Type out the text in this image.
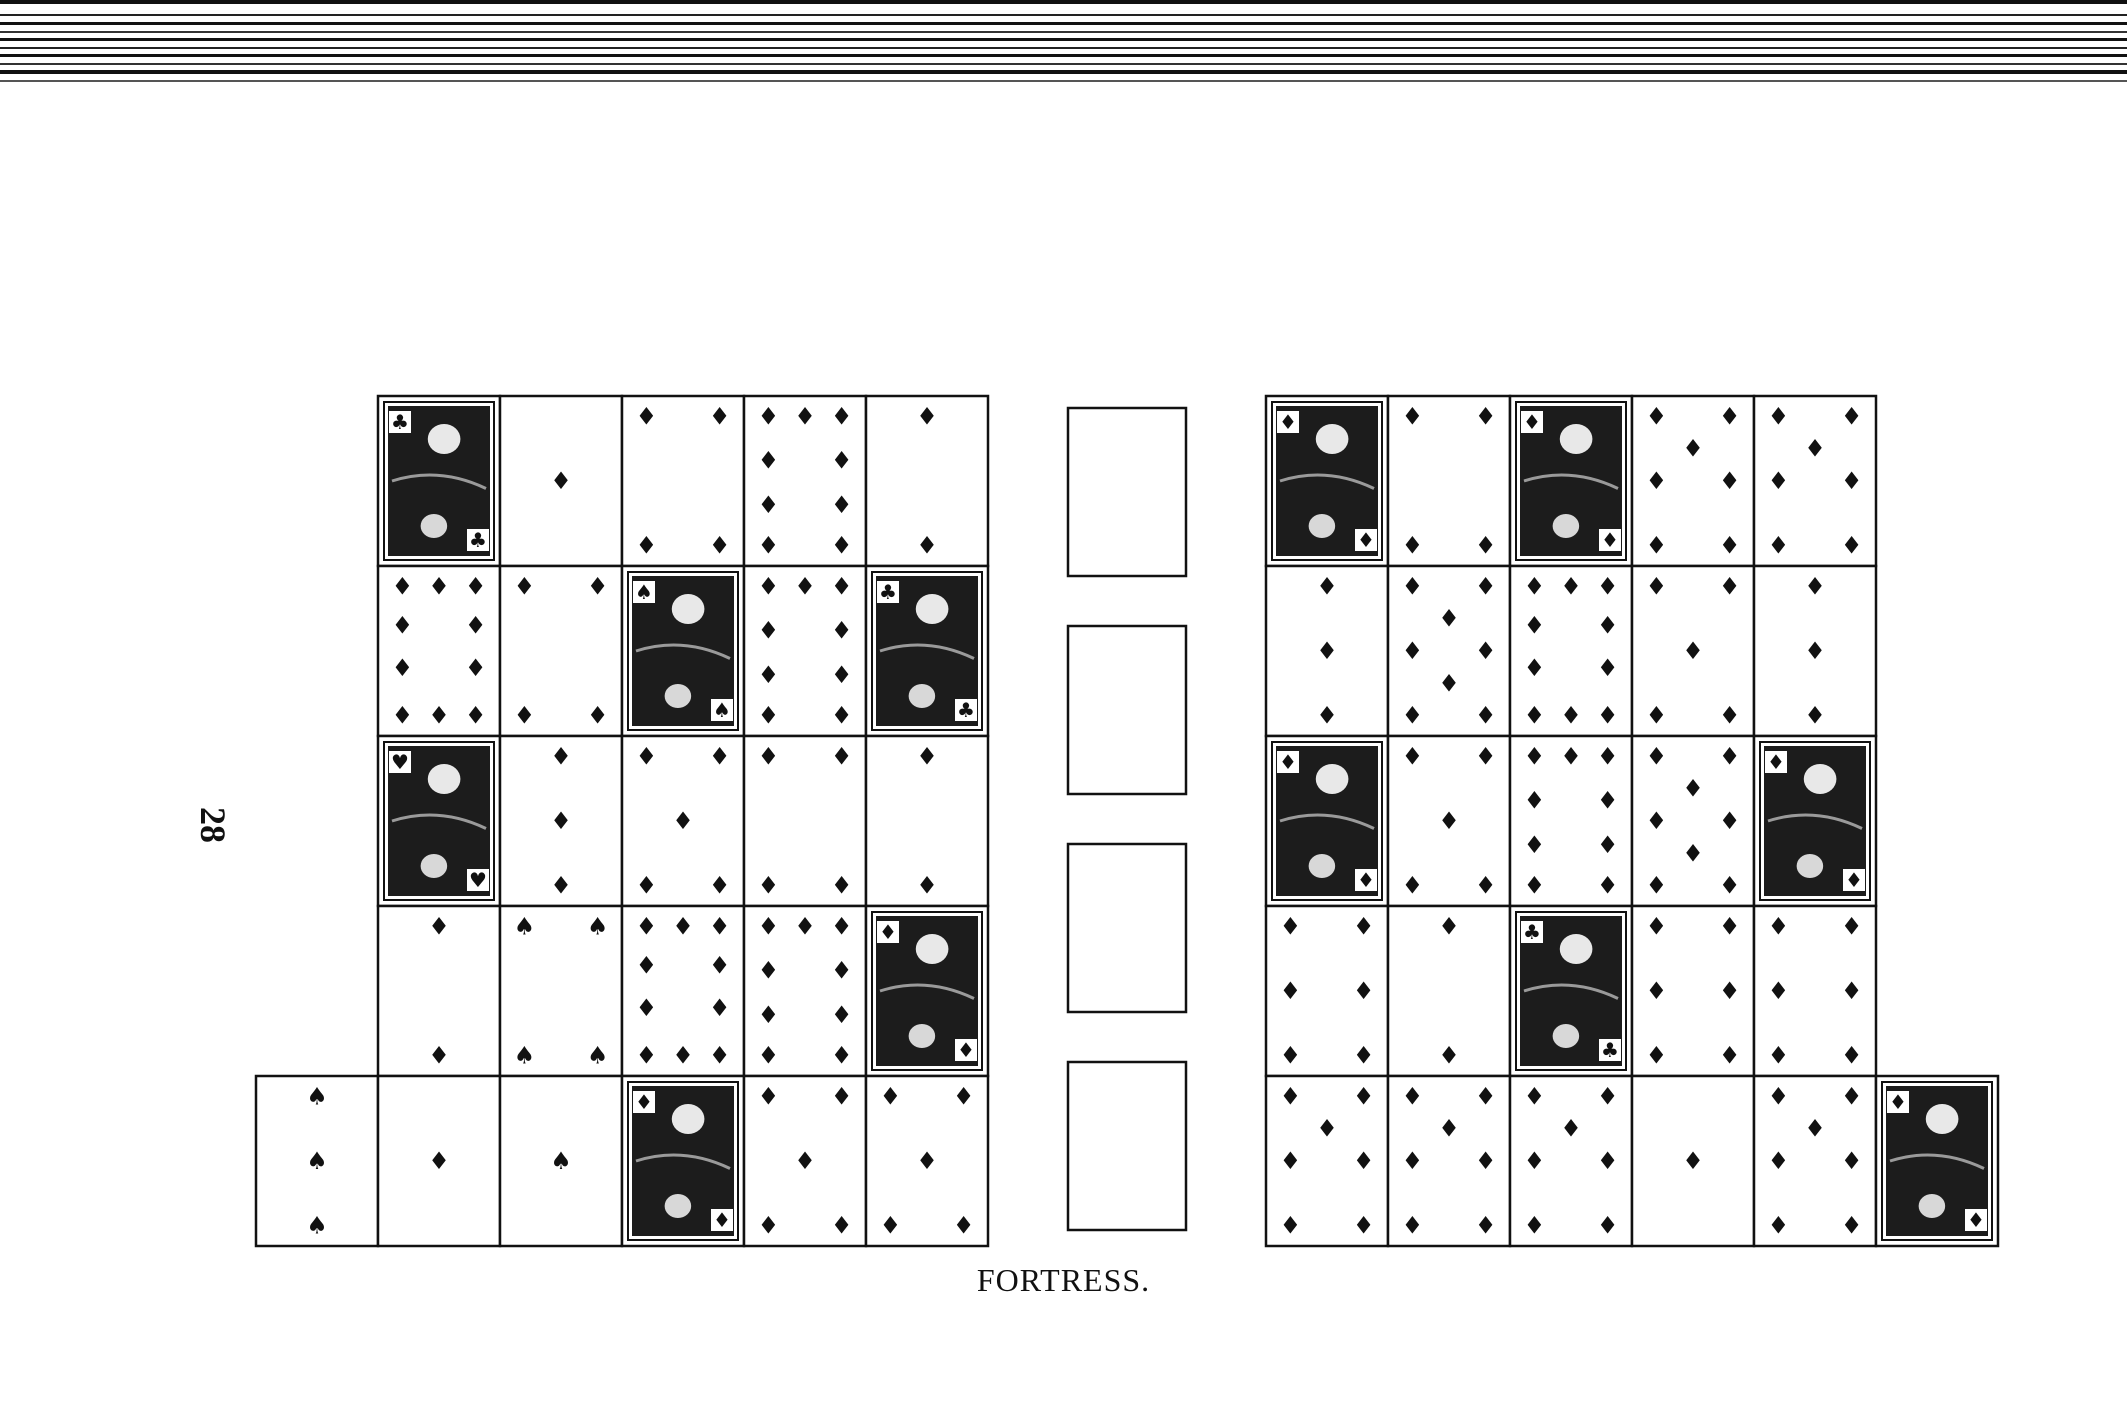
28
♣
♣
♦
♦ ♦
♦ ♦
♦ ♦ ♦
♦ ♦
♦ ♦
♦ ♦
♦
♦
♦ ♦ ♦
♦ ♦
♦ ♦
♦ ♦ ♦
♦ ♦
♦ ♦
♠
♠
♦ ♦ ♦
♦ ♦
♦ ♦
♦ ♦
♣
♣
♥
♥
♦
♦
♦
♦ ♦
♦
♦ ♦
♦ ♦
♦ ♦
♦
♦
♦
♦
♠ ♠
♠ ♠
♦ ♦ ♦
♦ ♦
♦ ♦
♦ ♦ ♦
♦ ♦ ♦
♦ ♦
♦ ♦
♦ ♦
♦
♦
♠
♠
♠
♦	♠
♦
♦
♦ ♦
♦
♦ ♦
♦ ♦
♦
♦ ♦
♦
♦
♦ ♦
♦ ♦
♦
♦
♦ ♦
♦
♦ ♦
♦ ♦
♦ ♦
♦
♦ ♦
♦ ♦
♦
♦
♦
♦ ♦
♦
♦ ♦
♦
♦ ♦
♦ ♦ ♦
♦ ♦
♦ ♦
♦ ♦ ♦
♦ ♦
♦
♦ ♦
♦
♦
♦
♦
♦
♦ ♦
♦
♦ ♦
♦ ♦ ♦
♦ ♦
♦ ♦
♦ ♦
♦ ♦
♦
♦ ♦
♦
♦ ♦
♦
♦
♦ ♦
♦ ♦
♦ ♦
♦
♦
♣
♣
♦ ♦
♦ ♦
♦ ♦
♦ ♦
♦ ♦
♦ ♦
♦ ♦
♦
♦ ♦
♦ ♦
♦ ♦
♦
♦ ♦
♦ ♦
♦ ♦
♦
♦ ♦
♦ ♦
♦
♦ ♦
♦
♦ ♦
♦ ♦
♦
♦
FORTRESS.
